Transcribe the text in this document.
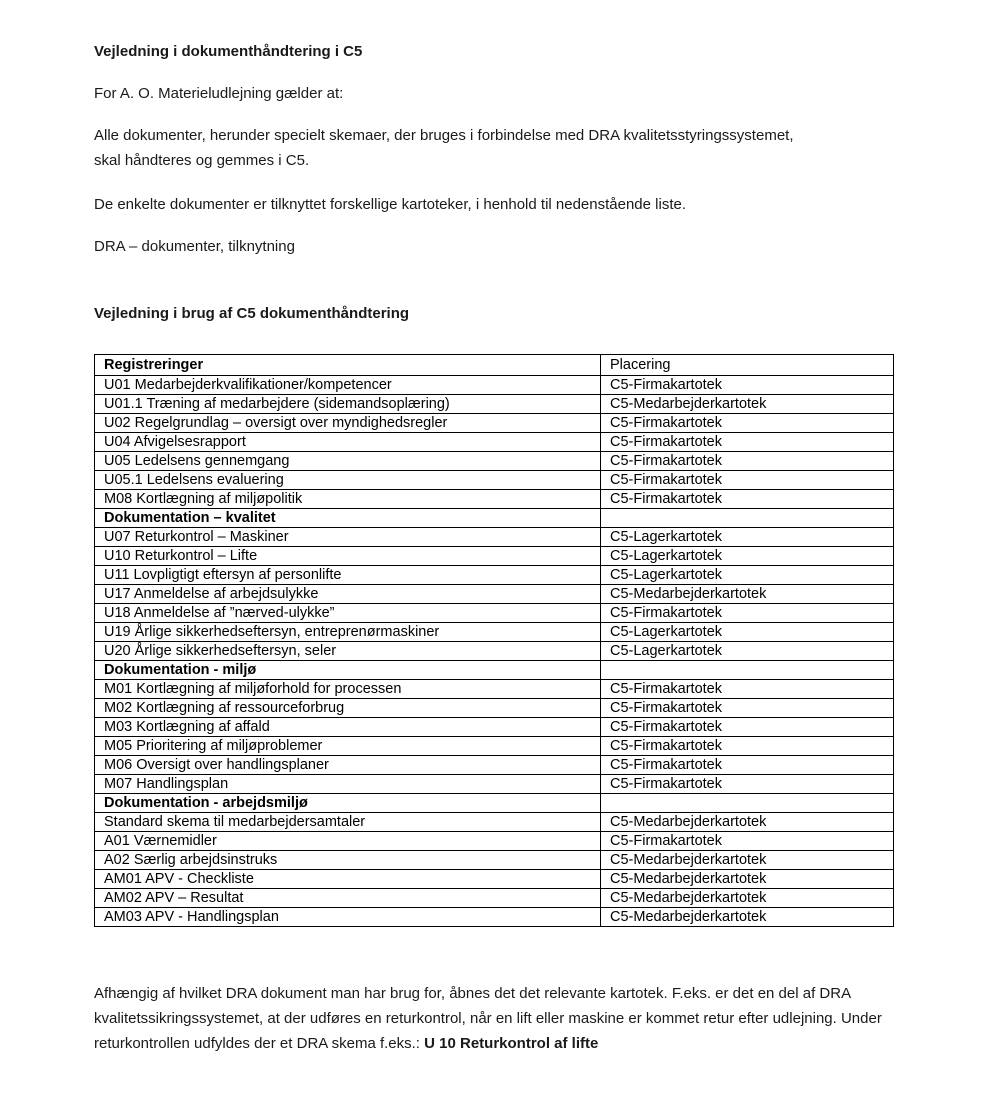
Vejledning i dokumenthåndtering i C5

For A. O. Materieludlejning gælder at:

Alle dokumenter, herunder specielt skemaer, der bruges i forbindelse med DRA kvalitetsstyringssystemet,

skal håndteres og gemmes i C5.

De enkelte dokumenter er tilknyttet forskellige kartoteker, i henhold til nedenstående liste.

DRA – dokumenter, tilknytning

Vejledning i brug af C5 dokumenthåndtering

Registreringer	Placering
U01 Medarbejderkvalifikationer/kompetencer	C5-Firmakartotek
U01.1 Træning af medarbejdere (sidemandsoplæring)	C5-Medarbejderkartotek
U02 Regelgrundlag – oversigt over myndighedsregler	C5-Firmakartotek
U04 Afvigelsesrapport	C5-Firmakartotek
U05 Ledelsens gennemgang	C5-Firmakartotek
U05.1 Ledelsens evaluering	C5-Firmakartotek
M08 Kortlægning af miljøpolitik	C5-Firmakartotek
Dokumentation – kvalitet	
U07 Returkontrol – Maskiner	C5-Lagerkartotek
U10 Returkontrol – Lifte	C5-Lagerkartotek
U11 Lovpligtigt eftersyn af personlifte	C5-Lagerkartotek
U17 Anmeldelse af arbejdsulykke	C5-Medarbejderkartotek
U18 Anmeldelse af ”nærved-ulykke”	C5-Firmakartotek
U19 Årlige sikkerhedseftersyn, entreprenørmaskiner	C5-Lagerkartotek
U20 Årlige sikkerhedseftersyn, seler	C5-Lagerkartotek
Dokumentation - miljø	
M01 Kortlægning af miljøforhold for processen	C5-Firmakartotek
M02 Kortlægning af ressourceforbrug	C5-Firmakartotek
M03 Kortlægning af affald	C5-Firmakartotek
M05 Prioritering af miljøproblemer	C5-Firmakartotek
M06 Oversigt over handlingsplaner	C5-Firmakartotek
M07 Handlingsplan	C5-Firmakartotek
Dokumentation - arbejdsmiljø	
Standard skema til medarbejdersamtaler	C5-Medarbejderkartotek
A01 Værnemidler	C5-Firmakartotek
A02 Særlig arbejdsinstruks	C5-Medarbejderkartotek
AM01 APV - Checkliste	C5-Medarbejderkartotek
AM02 APV – Resultat	C5-Medarbejderkartotek
AM03 APV - Handlingsplan	C5-Medarbejderkartotek

Afhængig af hvilket DRA dokument man har brug for, åbnes det det relevante kartotek. F.eks. er det en del af DRA kvalitetssikringssystemet, at der udføres en returkontrol, når en lift eller maskine er kommet retur efter udlejning. Under returkontrollen udfyldes der et DRA skema f.eks.: U 10 Returkontrol af lifte
